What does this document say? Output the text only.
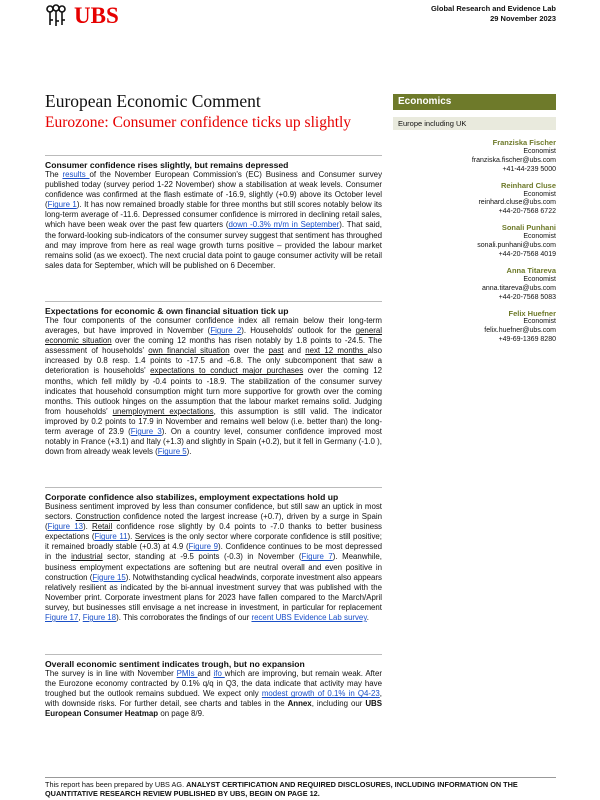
UBS	Global Research and Evidence Lab
29 November 2023
European Economic Comment
Eurozone: Consumer confidence ticks up slightly
Economics
Europe including UK
Franziska Fischer
Economist
franziska.fischer@ubs.com
+41-44-239 5000
Reinhard Cluse
Economist
reinhard.cluse@ubs.com
+44-20-7568 6722
Sonali Punhani
Economist
sonali.punhani@ubs.com
+44-20-7568 4019
Anna Titareva
Economist
anna.titareva@ubs.com
+44-20-7568 5083
Felix Huefner
Economist
felix.huefner@ubs.com
+49-69-1369 8280
Consumer confidence rises slightly, but remains depressed

The results of the November European Commission's (EC) Business and Consumer survey published today (survey period 1-22 November) show a stabilisation at weak levels. Consumer confidence was confirmed at the flash estimate of -16.9, slightly (+0.9) above its October level (Figure 1). It has now remained broadly stable for three months but still scores notably below its long-term average of -11.6. Depressed consumer confidence is mirrored in declining retail sales, which have been weak over the past few quarters (down -0.3% m/m in September). That said, the forward-looking sub-indicators of the consumer survey suggest that sentiment has throughed and may improve from here as real wage growth turns positive – provided the labour market remains solid (as we exoect). The next crucial data point to gauge consumer activity will be retail sales data for September, which will be published on 6 December.

Expectations for economic & own financial situation tick up

The four components of the consumer confidence index all remain below their long-term averages, but have improved in November (Figure 2). Households' outlook for the general economic situation over the coming 12 months has risen notably by 1.8 points to -24.5. The assessment of households' own financial situation over the past and next 12 months also increased by 0.8 resp. 1.4 points to -17.5 and -6.8. The only subcomponent that saw a deterioration is households' expectations to conduct major purchases over the coming 12 months, which fell mildly by -0.4 points to -18.9. The stabilization of the consumer survey indicates that household consumption might turn more supportive for growth over the coming months. This outlook hinges on the assumption that the labour market remains solid. Judging from households' unemployment expectations, this assumption is still valid. The indicator improved by 0.2 points to 17.9 in November and remains well below (i.e. better than) the long-term average of 23.9 (Figure 3). On a country level, consumer confidence improved most notably in France (+3.1) and Italy (+1.3) and slightly in Spain (+0.2), but it fell in Germany (-1.0 ), down from already weak levels (Figure 5).

Corporate confidence also stabilizes, employment expectations hold up

Business sentiment improved by less than consumer confidence, but still saw an uptick in most sectors. Construction confidence noted the largest increase (+0.7), driven by a surge in Spain (Figure 13). Retail confidence rose slightly by 0.4 points to -7.0 thanks to better business expectations (Figure 11). Services is the only sector where corporate confidence is still positive; it remained broadly stable (+0.3) at 4.9 (Figure 9). Confidence continues to be most depressed in the industrial sector, standing at -9.5 points (-0.3) in November (Figure 7). Meanwhile, business employment expectations are softening but are neutral overall and even positive in construction (Figure 15). Notwithstanding cyclical headwinds, corporate investment also appears relatively resilient as indicated by the bi-annual investment survey that was published with the November print. Corporate investment plans for 2023 have fallen compared to the March/April survey, but businesses still envisage a net increase in investment, in particular for replacement Figure 17, Figure 18). This corroborates the findings of our recent UBS Evidence Lab survey.

Overall economic sentiment indicates trough, but no expansion

The survey is in line with November PMIs and ifo which are improving, but remain weak. After the Eurozone economy contracted by 0.1% q/q in Q3, the data indicate that activity may have troughed but the outlook remains subdued. We expect only modest growth of 0.1% in Q4-23, with downside risks. For further detail, see charts and tables in the Annex, including our UBS European Consumer Heatmap on page 8/9.

This report has been prepared by UBS AG. ANALYST CERTIFICATION AND REQUIRED DISCLOSURES, INCLUDING INFORMATION ON THE QUANTITATIVE RESEARCH REVIEW PUBLISHED BY UBS, BEGIN ON PAGE 12.
